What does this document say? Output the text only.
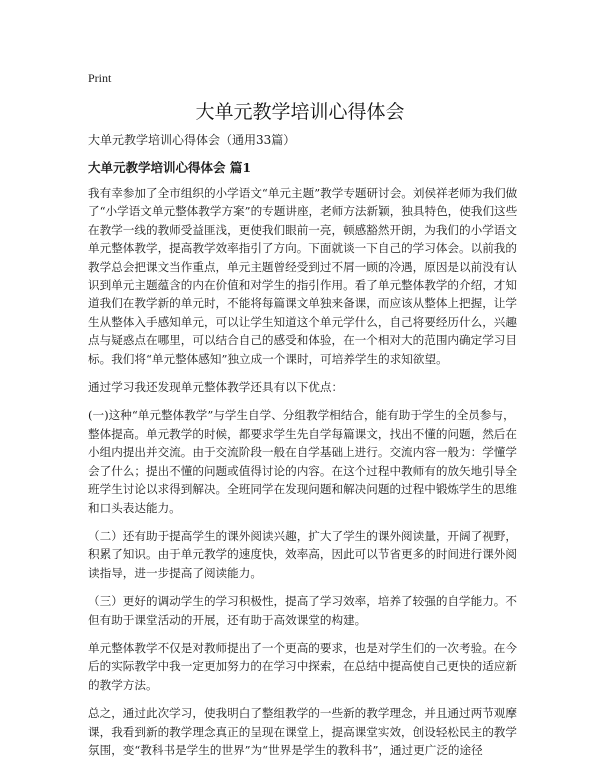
Print
大单元教学培训心得体会

大单元教学培训心得体会（通用33篇）

大单元教学培训心得体会 篇1

我有幸参加了全市组织的小学语文“单元主题”教学专题研讨会。刘侯祥老师为我们做了“小学语文单元整体教学方案”的专题讲座，老师方法新颖，独具特色，使我们这些在教学一线的教师受益匪浅，更使我们眼前一亮，顿感豁然开朗，为我们的小学语文单元整体教学，提高教学效率指引了方向。下面就谈一下自己的学习体会。以前我的教学总会把课文当作重点，单元主题曾经受到过不屑一顾的冷遇，原因是以前没有认识到单元主题蕴含的内在价值和对学生的指引作用。看了单元整体教学的介绍，才知道我们在教学新的单元时，不能将每篇课文单独来备课，而应该从整体上把握，让学生从整体入手感知单元，可以让学生知道这个单元学什么，自己将要经历什么，兴趣点与疑惑点在哪里，可以结合自己的感受和体验，在一个相对大的范围内确定学习目标。我们将“单元整体感知”独立成一个课时，可培养学生的求知欲望。

通过学习我还发现单元整体教学还具有以下优点：

(一)这种“单元整体教学”与学生自学、分组教学相结合，能有助于学生的全员参与，整体提高。单元教学的时候，都要求学生先自学每篇课文，找出不懂的问题，然后在小组内提出并交流。由于交流阶段一般在自学基础上进行。交流内容一般为：学懂学会了什么；提出不懂的问题或值得讨论的内容。在这个过程中教师有的放矢地引导全班学生讨论以求得到解决。全班同学在发现问题和解决问题的过程中锻炼学生的思维和口头表达能力。

（二）还有助于提高学生的课外阅读兴趣，扩大了学生的课外阅读量，开阔了视野，积累了知识。由于单元教学的速度快，效率高，因此可以节省更多的时间进行课外阅读指导，进一步提高了阅读能力。

（三）更好的调动学生的学习积极性，提高了学习效率，培养了较强的自学能力。不但有助于课堂活动的开展，还有助于高效课堂的构建。

单元整体教学不仅是对教师提出了一个更高的要求，也是对学生们的一次考验。在今后的实际教学中我一定更加努力的在学习中探索，在总结中提高使自己更快的适应新的教学方法。

总之，通过此次学习，使我明白了整组教学的一些新的教学理念，并且通过两节观摩课，我看到新的教学理念真正的呈现在课堂上，提高课堂实效，创设轻松民主的教学氛围，变“教科书是学生的世界”为“世界是学生的教科书”，通过更广泛的途径
